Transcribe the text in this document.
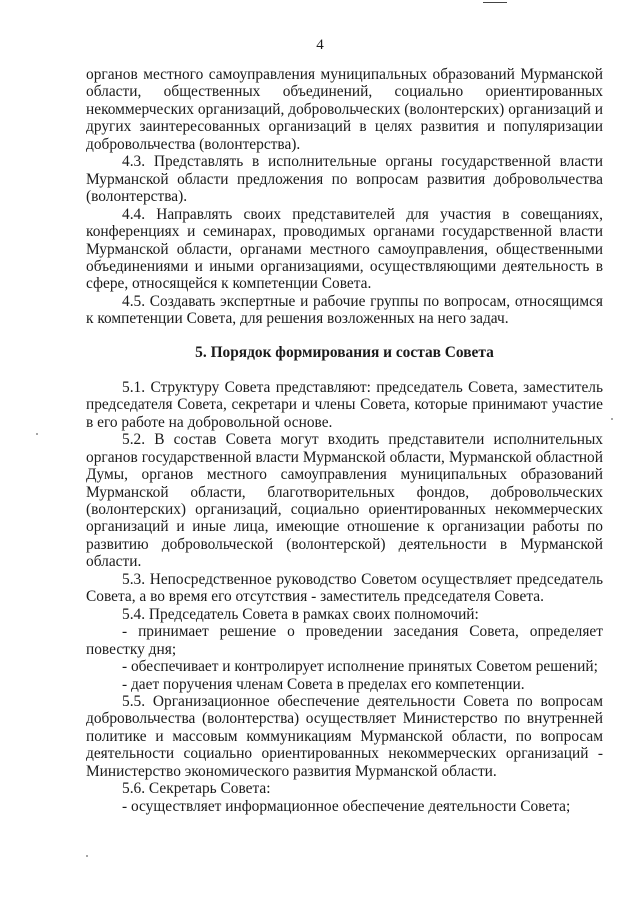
4

органов местного самоуправления муниципальных образований Мурманской области, общественных объединений, социально ориентированных некоммерческих организаций, добровольческих (волонтерских) организаций и других заинтересованных организаций в целях развития и популяризации добровольчества (волонтерства).

4.3. Представлять в исполнительные органы государственной власти Мурманской области предложения по вопросам развития добровольчества (волонтерства).

4.4. Направлять своих представителей для участия в совещаниях, конференциях и семинарах, проводимых органами государственной власти Мурманской области, органами местного самоуправления, общественными объединениями и иными организациями, осуществляющими деятельность в сфере, относящейся к компетенции Совета.

4.5. Создавать экспертные и рабочие группы по вопросам, относящимся к компетенции Совета, для решения возложенных на него задач.

5. Порядок формирования и состав Совета

5.1. Структуру Совета представляют: председатель Совета, заместитель председателя Совета, секретари и члены Совета, которые принимают участие в его работе на добровольной основе.

5.2. В состав Совета могут входить представители исполнительных органов государственной власти Мурманской области, Мурманской областной Думы, органов местного самоуправления муниципальных образований Мурманской области, благотворительных фондов, добровольческих (волонтерских) организаций, социально ориентированных некоммерческих организаций и иные лица, имеющие отношение к организации работы по развитию добровольческой (волонтерской) деятельности в Мурманской области.

5.3. Непосредственное руководство Советом осуществляет председатель Совета, а во время его отсутствия - заместитель председателя Совета.

5.4. Председатель Совета в рамках своих полномочий:

- принимает решение о проведении заседания Совета, определяет повестку дня;

- обеспечивает и контролирует исполнение принятых Советом решений;

- дает поручения членам Совета в пределах его компетенции.

5.5. Организационное обеспечение деятельности Совета по вопросам добровольчества (волонтерства) осуществляет Министерство по внутренней политике и массовым коммуникациям Мурманской области, по вопросам деятельности социально ориентированных некоммерческих организаций - Министерство экономического развития Мурманской области.

5.6. Секретарь Совета:

- осуществляет информационное обеспечение деятельности Совета;
